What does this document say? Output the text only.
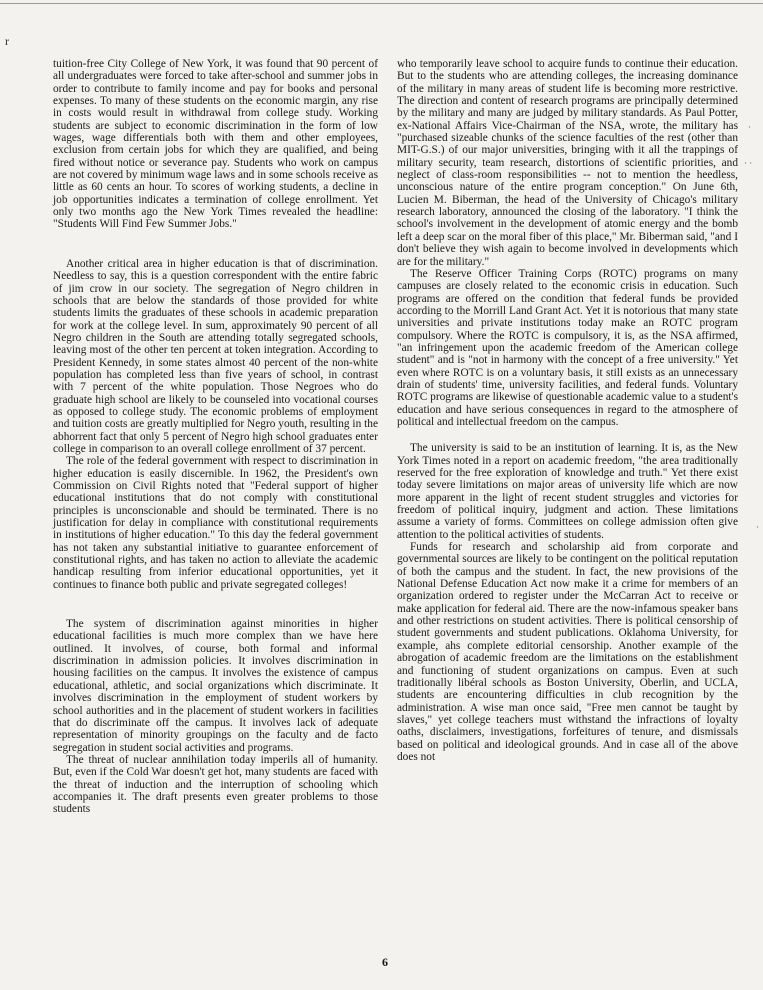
r
·
· ·
·

tuition-free City College of New York, it was found that 90 percent of all undergraduates were forced to take after-school and summer jobs in order to contribute to family income and pay for books and personal expenses. To many of these students on the economic margin, any rise in costs would result in withdrawal from college study. Working students are subject to economic discrimination in the form of low wages, wage differentials both with them and other employees, exclusion from certain jobs for which they are qualified, and being fired without notice or severance pay. Students who work on campus are not covered by minimum wage laws and in some schools receive as little as 60 cents an hour. To scores of working students, a decline in job opportunities indicates a termination of college enrollment. Yet only two months ago the New York Times revealed the headline: "Students Will Find Few Summer Jobs."

Another critical area in higher education is that of discrimination. Needless to say, this is a question correspondent with the entire fabric of jim crow in our society. The segregation of Negro children in schools that are below the standards of those provided for white students limits the graduates of these schools in academic preparation for work at the college level. In sum, approximately 90 percent of all Negro children in the South are attending totally segregated schools, leaving most of the other ten percent at token integration. According to President Kennedy, in some states almost 40 percent of the non-white population has completed less than five years of school, in contrast with 7 percent of the white population. Those Negroes who do graduate high school are likely to be counseled into vocational courses as opposed to college study. The economic problems of employment and tuition costs are greatly multiplied for Negro youth, resulting in the abhorrent fact that only 5 percent of Negro high school graduates enter college in comparison to an overall college enrollment of 37 percent.

The role of the federal government with respect to discrimination in higher education is easily discernible. In 1962, the President's own Commission on Civil Rights noted that "Federal support of higher educational institutions that do not comply with constitutional principles is unconscionable and should be terminated. There is no justification for delay in compliance with constitutional requirements in institutions of higher education." To this day the federal government has not taken any substantial initiative to guarantee enforcement of constitutional rights, and has taken no action to alleviate the academic handicap resulting from inferior educational opportunities, yet it continues to finance both public and private segregated colleges!

The system of discrimination against minorities in higher educational facilities is much more complex than we have here outlined. It involves, of course, both formal and informal discrimination in admission policies. It involves discrimination in housing facilities on the campus. It involves the existence of campus educational, athletic, and social organizations which discriminate. It involves discrimination in the employment of student workers by school authorities and in the placement of student workers in facilities that do discriminate off the campus. It involves lack of adequate representation of minority groupings on the faculty and de facto segregation in student social activities and programs.

The threat of nuclear annihilation today imperils all of humanity. But, even if the Cold War doesn't get hot, many students are faced with the threat of induction and the interruption of schooling which accompanies it. The draft presents even greater problems to those students

who temporarily leave school to acquire funds to continue their education. But to the students who are attending colleges, the increasing dominance of the military in many areas of student life is becoming more restrictive. The direction and content of research programs are principally determined by the military and many are judged by military standards. As Paul Potter, ex-National Affairs Vice-Chairman of the NSA, wrote, the military has "purchased sizeable chunks of the science faculties of the rest (other than MIT-G.S.) of our major universities, bringing with it all the trappings of military security, team research, distortions of scientific priorities, and neglect of class-room responsibilities -- not to mention the heedless, unconscious nature of the entire program conception." On June 6th, Lucien M. Biberman, the head of the University of Chicago's military research laboratory, announced the closing of the laboratory. "I think the school's involvement in the development of atomic energy and the bomb left a deep scar on the moral fiber of this place," Mr. Biberman said, "and I don't believe they wish again to become involved in developments which are for the military."

The Reserve Officer Training Corps (ROTC) programs on many campuses are closely related to the economic crisis in education. Such programs are offered on the condition that federal funds be provided according to the Morrill Land Grant Act. Yet it is notorious that many state universities and private institutions today make an ROTC program compulsory. Where the ROTC is compulsory, it is, as the NSA affirmed, "an infringement upon the academic freedom of the American college student" and is "not in harmony with the concept of a free university." Yet even where ROTC is on a voluntary basis, it still exists as an unnecessary drain of students' time, university facilities, and federal funds. Voluntary ROTC programs are likewise of questionable academic value to a student's education and have serious consequences in regard to the atmosphere of political and intellectual freedom on the campus.

The university is said to be an institution of learning. It is, as the New York Times noted in a report on academic freedom, "the area traditionally reserved for the free exploration of knowledge and truth." Yet there exist today severe limitations on major areas of university life which are now more apparent in the light of recent student struggles and victories for freedom of political inquiry, judgment and action. These limitations assume a variety of forms. Committees on college admission often give attention to the political activities of students.

Funds for research and scholarship aid from corporate and governmental sources are likely to be contingent on the political reputation of both the campus and the student. In fact, the new provisions of the National Defense Education Act now make it a crime for members of an organization ordered to register under the McCarran Act to receive or make application for federal aid. There are the now-infamous speaker bans and other restrictions on student activities. There is political censorship of student governments and student publications. Oklahoma University, for example, ahs complete editorial censorship. Another example of the abrogation of academic freedom are the limitations on the establishment and functioning of student organizations on campus. Even at such traditionally libéral schools as Boston University, Oberlin, and UCLA, students are encountering difficulties in club recognition by the administration. A wise man once said, "Free men cannot be taught by slaves," yet college teachers must withstand the infractions of loyalty oaths, disclaimers, investigations, forfeitures of tenure, and dismissals based on political and ideological grounds. And in case all of the above does not

6
